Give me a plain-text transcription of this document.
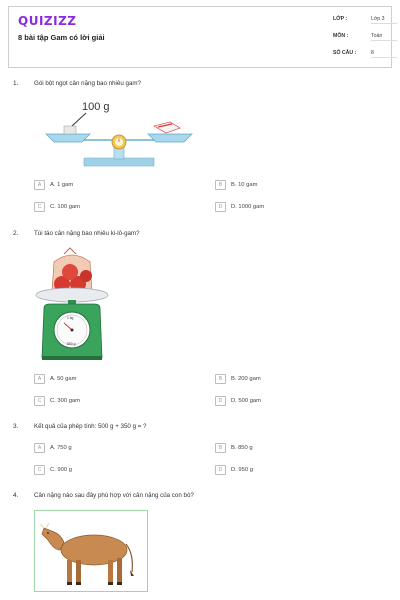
QUIZIZZ
8 bài tập Gam có lời giải
LỚP :	Lớp 3
MÔN :	Toán
SỐ CÂU :	8
1.	Gói bột ngọt cân nặng bao nhiêu gam?
100 g
A	A. 1 gam	B	B. 10 gam
C	C. 100 gam	D	D. 1000 gam
2.	Túi táo cân nặng bao nhiêu ki-lô-gam?
1 kg
850 g
A	A. 50 gam	B	B. 200 gam
C	C. 300 gam	D	D. 500 gam
3.	Kết quả của phép tính: 500 g + 350 g = ?
A	A. 750 g	B	B. 850 g
C	C. 900 g	D	D. 950 g
4.	Cân nặng nào sau đây phù hợp với cân nặng của con bò?
